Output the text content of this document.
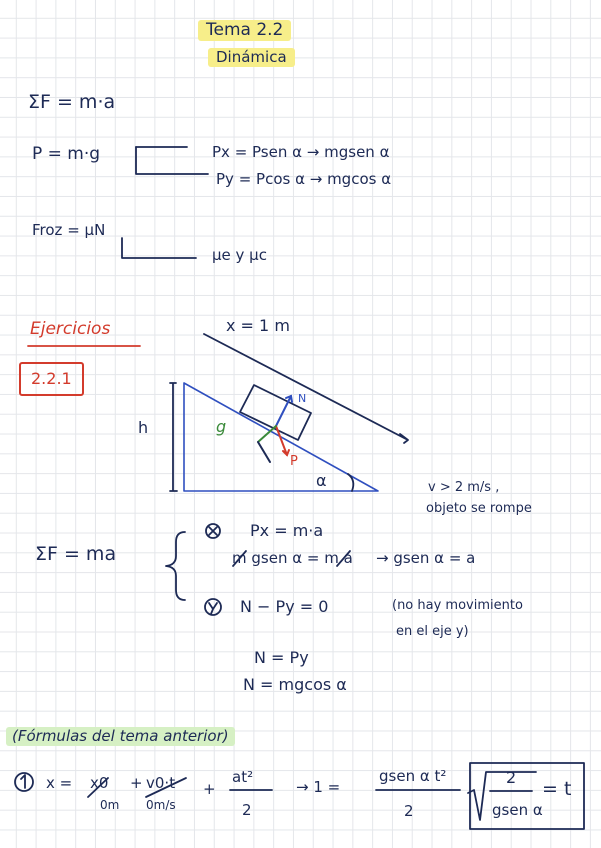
Tema 2.2
Dinámica
ΣF = m·a
P = m·g	Px = Psen α → mgsen α
Py = Pcos α → mgcos α
Froz = μN
μe y μc
Ejercicios
2.2.1
x = 1 m
h	g
N
P
α	v > 2 m/s ,
objeto se rompe
ΣF = ma
Px = m·a
m gsen α = m a → gsen α = a
N − Py = 0	(no hay movimiento
en el eje y)
N = Py
N = mgcos α
(Fórmulas del tema anterior)
x = x0
0m
+ v0·t
0m/s
+
at²
2
→ 1 =
gsen α t²
2
2
gsen α
= t
